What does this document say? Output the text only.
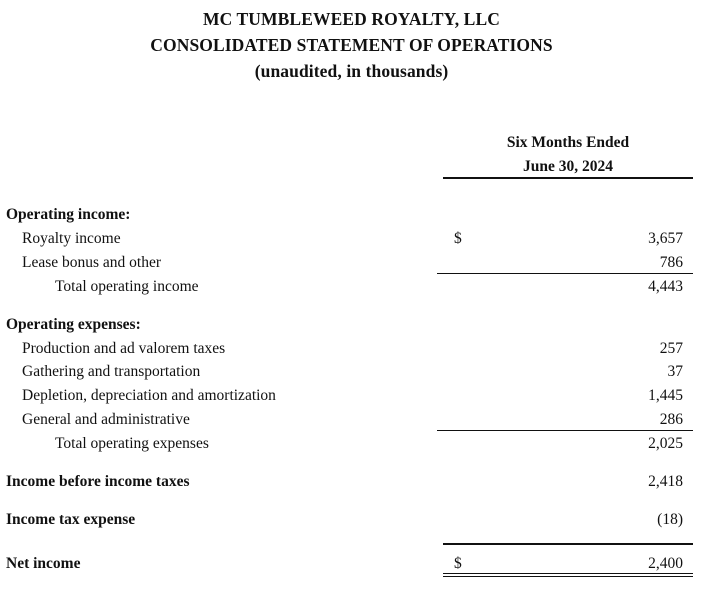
MC TUMBLEWEED ROYALTY, LLC
CONSOLIDATED STATEMENT OF OPERATIONS
(unaudited, in thousands)
Six Months Ended
June 30, 2024
Operating income:
Royalty income	$	3,657
Lease bonus and other	786
Total operating income	4,443
Operating expenses:
Production and ad valorem taxes	257
Gathering and transportation	37
Depletion, depreciation and amortization	1,445
General and administrative	286
Total operating expenses	2,025
Income before income taxes	2,418
Income tax expense	(18)
Net income	$	2,400
